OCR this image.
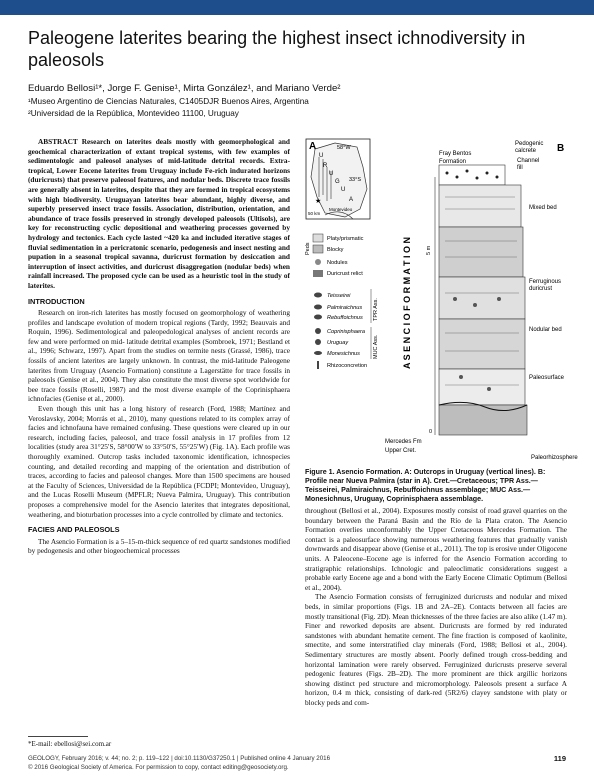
Paleogene laterites bearing the highest insect ichnodiversity in paleosols
Eduardo Bellosi¹*, Jorge F. Genise¹, Mirta González¹, and Mariano Verde²
¹Museo Argentino de Ciencias Naturales, C1405DJR Buenos Aires, Argentina
²Universidad de la República, Montevideo 11100, Uruguay

ABSTRACT Research on laterites deals mostly with geomorphological and geochemical characterization of extant tropical systems, with few examples of sedimentologic and paleosol analyses of mid-latitude detrital records. Extra-tropical, Lower Eocene laterites from Uruguay include Fe-rich indurated horizons (duricrusts) that preserve paleosol features, and nodular beds. Discrete trace fossils are generally absent in laterites, despite that they are formed in tropical ecosystems with high biodiversity. Uruguayan laterites bear abundant, highly diverse, and superbly preserved insect trace fossils. Association, distribution, orientation, and abundance of trace fossils preserved in strongly developed paleosols (Ultisols), are key for reconstructing cyclic depositional and weathering processes governed by hydrology and tectonics. Each cycle lasted ~420 ka and included iterative stages of fluvial sedimentation in a pericratonic scenario, pedogenesis and insect nesting and pupation in a seasonal tropical savanna, duricrust formation by desiccation and interruption of insect activities, and duricrust disaggregation (nodular beds) when rainfall increased. The proposed cycle can be used as a heuristic tool in the study of laterites.

INTRODUCTION

Research on iron-rich laterites has mostly focused on geomorphology of weathering profiles and landscape evolution of modern tropical regions (Tardy, 1992; Beauvais and Roquin, 1996). Sedimentological and paleopedological analyses of ancient records are few and were performed on mid- latitude detrital examples (Sombroek, 1971; Bestland et al., 1996; Schwarz, 1997). Apart from the studies on termite nests (Grassé, 1986), trace fossils of ancient laterites are largely unknown. In contrast, the mid-latitude Paleogene laterites from Uruguay (Asencio Formation) constitute a Lagerstätte for trace fossils in paleosols (Genise et al., 2004). They also constitute the most diverse spot worldwide for bee trace fossils (Roselli, 1987) and the most diverse example of the Coprinisphaera ichnofacies (Genise et al., 2000).

Even though this unit has a long history of research (Ford, 1988; Martínez and Veroslavsky, 2004; Morrás et al., 2010), many questions related to its complex array of facies and ichnofauna have remained confusing. These questions were cleared up in our research, including facies, paleosol, and trace fossil analysis in 17 profiles from 12 localities (study area 31°25′S, 58°00′W to 33°50′S, 55°25′W) (Fig. 1A). Each profile was thoroughly examined. Outcrop tasks included taxonomic identification, ichnospecies counting, and detailed recording and mapping of the orientation and distribution of traces, according to facies and paleosol changes. More than 1500 specimens are housed at the Faculty of Sciences, Universidad de la República (FCDPI; Montevideo, Uruguay), and the Lucas Roselli Museum (MPFLR; Nueva Palmira, Uruguay). This contribution proposes a comprehensive model for the Asencio laterites that integrates depositional, weathering, and bioturbation processes into a cycle controlled by climate and tectonics.

FACIES AND PALEOSOLS

The Asencio Formation is a 5–15-m-thick sequence of red quartz sandstones modified by pedogenesis and other biogeochemical processes

*E-mail: ebellosi@sei.com.ar
A	58°W
U
R
U
G
U
A
33°S
50 km
Montevideo
★
Peds
Platy/prismatic
Blocky
Nodules
Duricrust relict
Teisseirei
Palmiraichnus
Rebuffoichnus
Coprinisphaera
Uruguay
Monesichnus
Rhizoconcretion
TPR Ass.
MUC Ass.	A S E N C I O F O R M A T I O N	5 m
0
Fray Bentos
Formation
Pedogenic
calcrete
Channel
fill
B
Mixed bed
Ferruginous
duricrust
Nodular bed
Paleosurface
Paleorhizosphere
Mercedes Fm
Upper Cret.
Figure 1. Asencio Formation. A: Outcrops in Uruguay (vertical lines). B: Profile near Nueva Palmira (star in A). Cret.—Cretaceous; TPR Ass.—Teisseirei, Palmiraichnus, Rebuffoichnus assemblage; MUC Ass.—Monesichnus, Uruguay, Coprinisphaera assemblage.

throughout (Bellosi et al., 2004). Exposures mostly consist of road gravel quarries on the boundary between the Paraná Basin and the Río de la Plata craton. The Asencio Formation overlies unconformably the Upper Cretaceous Mercedes Formation. The contact is a paleosurface showing numerous weathering features that gradually vanish downwards and disappear above (Genise et al., 2011). The top is erosive under Oligocene units. A Paleocene–Eocene age is inferred for the Asencio Formation according to stratigraphic relationships. Ichnologic and paleoclimatic considerations suggest a probable early Eocene age and a bond with the Early Eocene Climatic Optimum (Bellosi et al., 2004).

The Asencio Formation consists of ferruginized duricrusts and nodular and mixed beds, in similar proportions (Figs. 1B and 2A–2E). Contacts between all facies are mostly transitional (Fig. 2D). Mean thicknesses of the three facies are also alike (1.47 m). Finer and reworked deposits are absent. Duricrusts are formed by red indurated sandstones with abundant hematite cement. The fine fraction is composed of kaolinite, smectite, and some interstratified clay minerals (Ford, 1988; Bellosi et al., 2004). Sedimentary structures are mostly absent. Poorly defined trough cross-bedding and horizontal lamination were rarely observed. Ferruginized duricrusts preserve several pedogenic features (Figs. 2B–2D). The more prominent are thick argillic horizons showing distinct ped structure and micromorphology. Paleosols present a surface A horizon, 0.4 m thick, consisting of dark-red (5R2/6) clayey sandstone with platy or blocky peds and com-

GEOLOGY, February 2016; v. 44; no. 2; p. 119–122 | doi:10.1130/G37250.1 | Published online 4 January 2016
© 2016 Geological Society of America. For permission to copy, contact editing@geosociety.org.
119
